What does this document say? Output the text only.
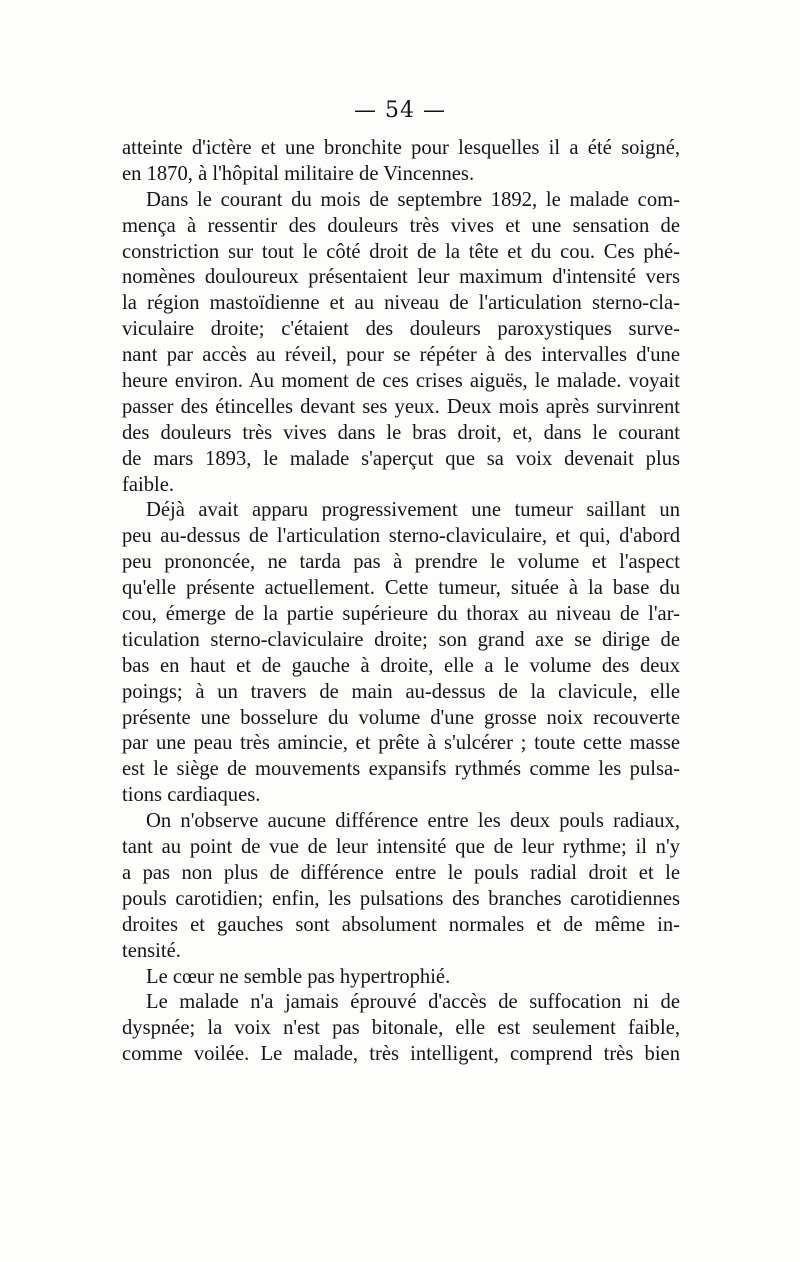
— 54 —
atteinte d'ictère et une bronchite pour lesquelles il a été soigné,
en 1870, à l'hôpital militaire de Vincennes.
Dans le courant du mois de septembre 1892, le malade com-
mença à ressentir des douleurs très vives et une sensation de
constriction sur tout le côté droit de la tête et du cou. Ces phé-
nomènes douloureux présentaient leur maximum d'intensité vers
la région mastoïdienne et au niveau de l'articulation sterno-cla-
viculaire droite; c'étaient des douleurs paroxystiques surve-
nant par accès au réveil, pour se répéter à des intervalles d'une
heure environ. Au moment de ces crises aiguës, le malade. voyait
passer des étincelles devant ses yeux. Deux mois après survinrent
des douleurs très vives dans le bras droit, et, dans le courant
de mars 1893, le malade s'aperçut que sa voix devenait plus
faible.
Déjà avait apparu progressivement une tumeur saillant un
peu au-dessus de l'articulation sterno-claviculaire, et qui, d'abord
peu prononcée, ne tarda pas à prendre le volume et l'aspect
qu'elle présente actuellement. Cette tumeur, située à la base du
cou, émerge de la partie supérieure du thorax au niveau de l'ar-
ticulation sterno-claviculaire droite; son grand axe se dirige de
bas en haut et de gauche à droite, elle a le volume des deux
poings; à un travers de main au-dessus de la clavicule, elle
présente une bosselure du volume d'une grosse noix recouverte
par une peau très amincie, et prête à s'ulcérer ; toute cette masse
est le siège de mouvements expansifs rythmés comme les pulsa-
tions cardiaques.
On n'observe aucune différence entre les deux pouls radiaux,
tant au point de vue de leur intensité que de leur rythme; il n'y
a pas non plus de différence entre le pouls radial droit et le
pouls carotidien; enfin, les pulsations des branches carotidiennes
droites et gauches sont absolument normales et de même in-
tensité.
Le cœur ne semble pas hypertrophié.
Le malade n'a jamais éprouvé d'accès de suffocation ni de
dyspnée; la voix n'est pas bitonale, elle est seulement faible,
comme voilée. Le malade, très intelligent, comprend très bien
